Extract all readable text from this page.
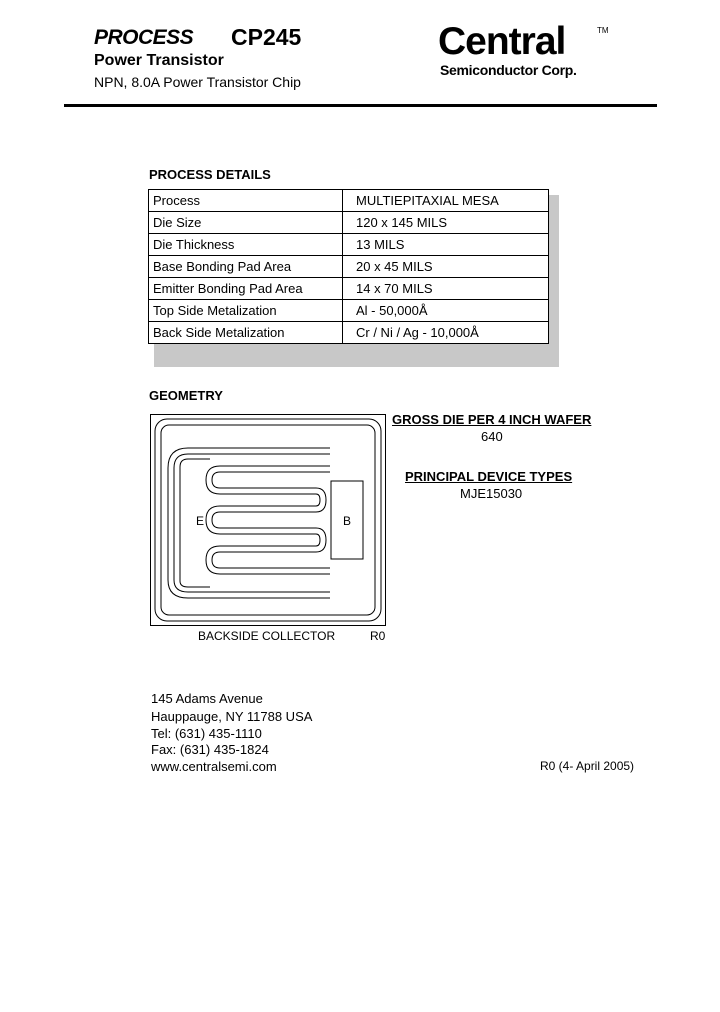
PROCESS CP245
Power Transistor
NPN, 8.0A Power Transistor Chip
Central	TM
Semiconductor Corp.
PROCESS DETAILS
Process	MULTIEPITAXIAL MESA
Die Size	120 x 145 MILS
Die Thickness	13 MILS
Base Bonding Pad Area	20 x 45 MILS
Emitter Bonding Pad Area	14 x 70 MILS
Top Side Metalization	Al - 50,000Å
Back Side Metalization	Cr / Ni / Ag - 10,000Å
GEOMETRY
E	B
BACKSIDE COLLECTOR	R0
GROSS DIE PER 4 INCH WAFER
640
PRINCIPAL DEVICE TYPES
MJE15030
145 Adams Avenue
Hauppauge, NY 11788 USA
Tel: (631) 435-1110
Fax: (631) 435-1824
www.centralsemi.com	R0 (4- April 2005)
